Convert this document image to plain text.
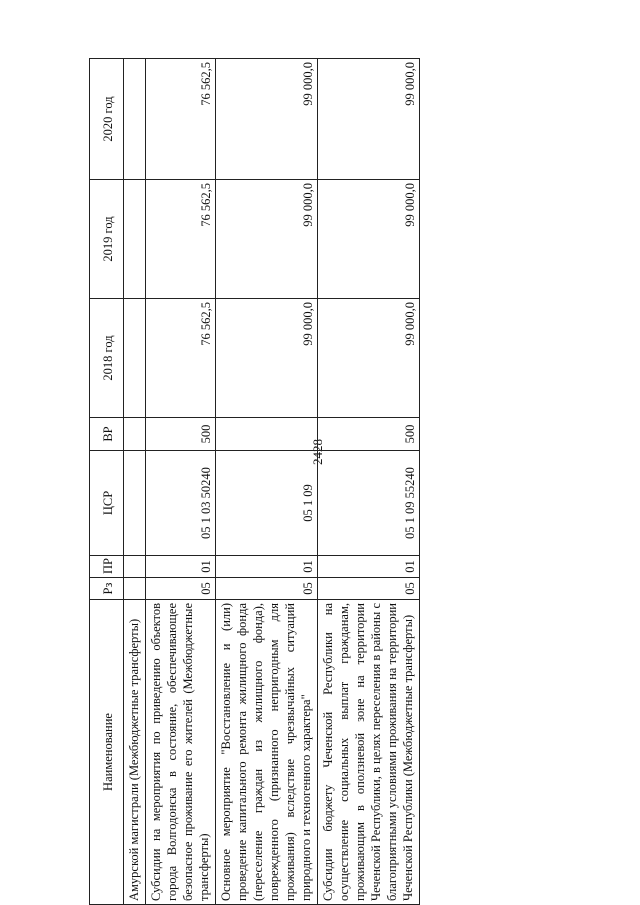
2428
Наименование	Рз	ПР	ЦСР	ВР	2018 год	2019 год	2020 год
Амурской магистрали (Межбюджетные трансферты)							
Субсидии на мероприятия по приведению объектов города Волгодонска в состояние, обеспечивающее безопасное проживание его жителей (Межбюджетные трансферты)	05	01	05 1 03 50240	500	76 562,5	76 562,5	76 562,5
Основное мероприятие "Восстановление и (или) проведение капитального ремонта жилищного фонда (переселение граждан из жилищного фонда), поврежденного (признанного непригодным для проживания) вследствие чрезвычайных ситуаций природного и техногенного характера"	05	01	05 1 09		99 000,0	99 000,0	99 000,0
Субсидии бюджету Чеченской Республики на осуществление социальных выплат гражданам, проживающим в оползневой зоне на территории Чеченской Республики, в целях переселения в районы с благоприятными условиями проживания на территории Чеченской Республики (Межбюджетные трансферты)	05	01	05 1 09 55240	500	99 000,0	99 000,0	99 000,0
